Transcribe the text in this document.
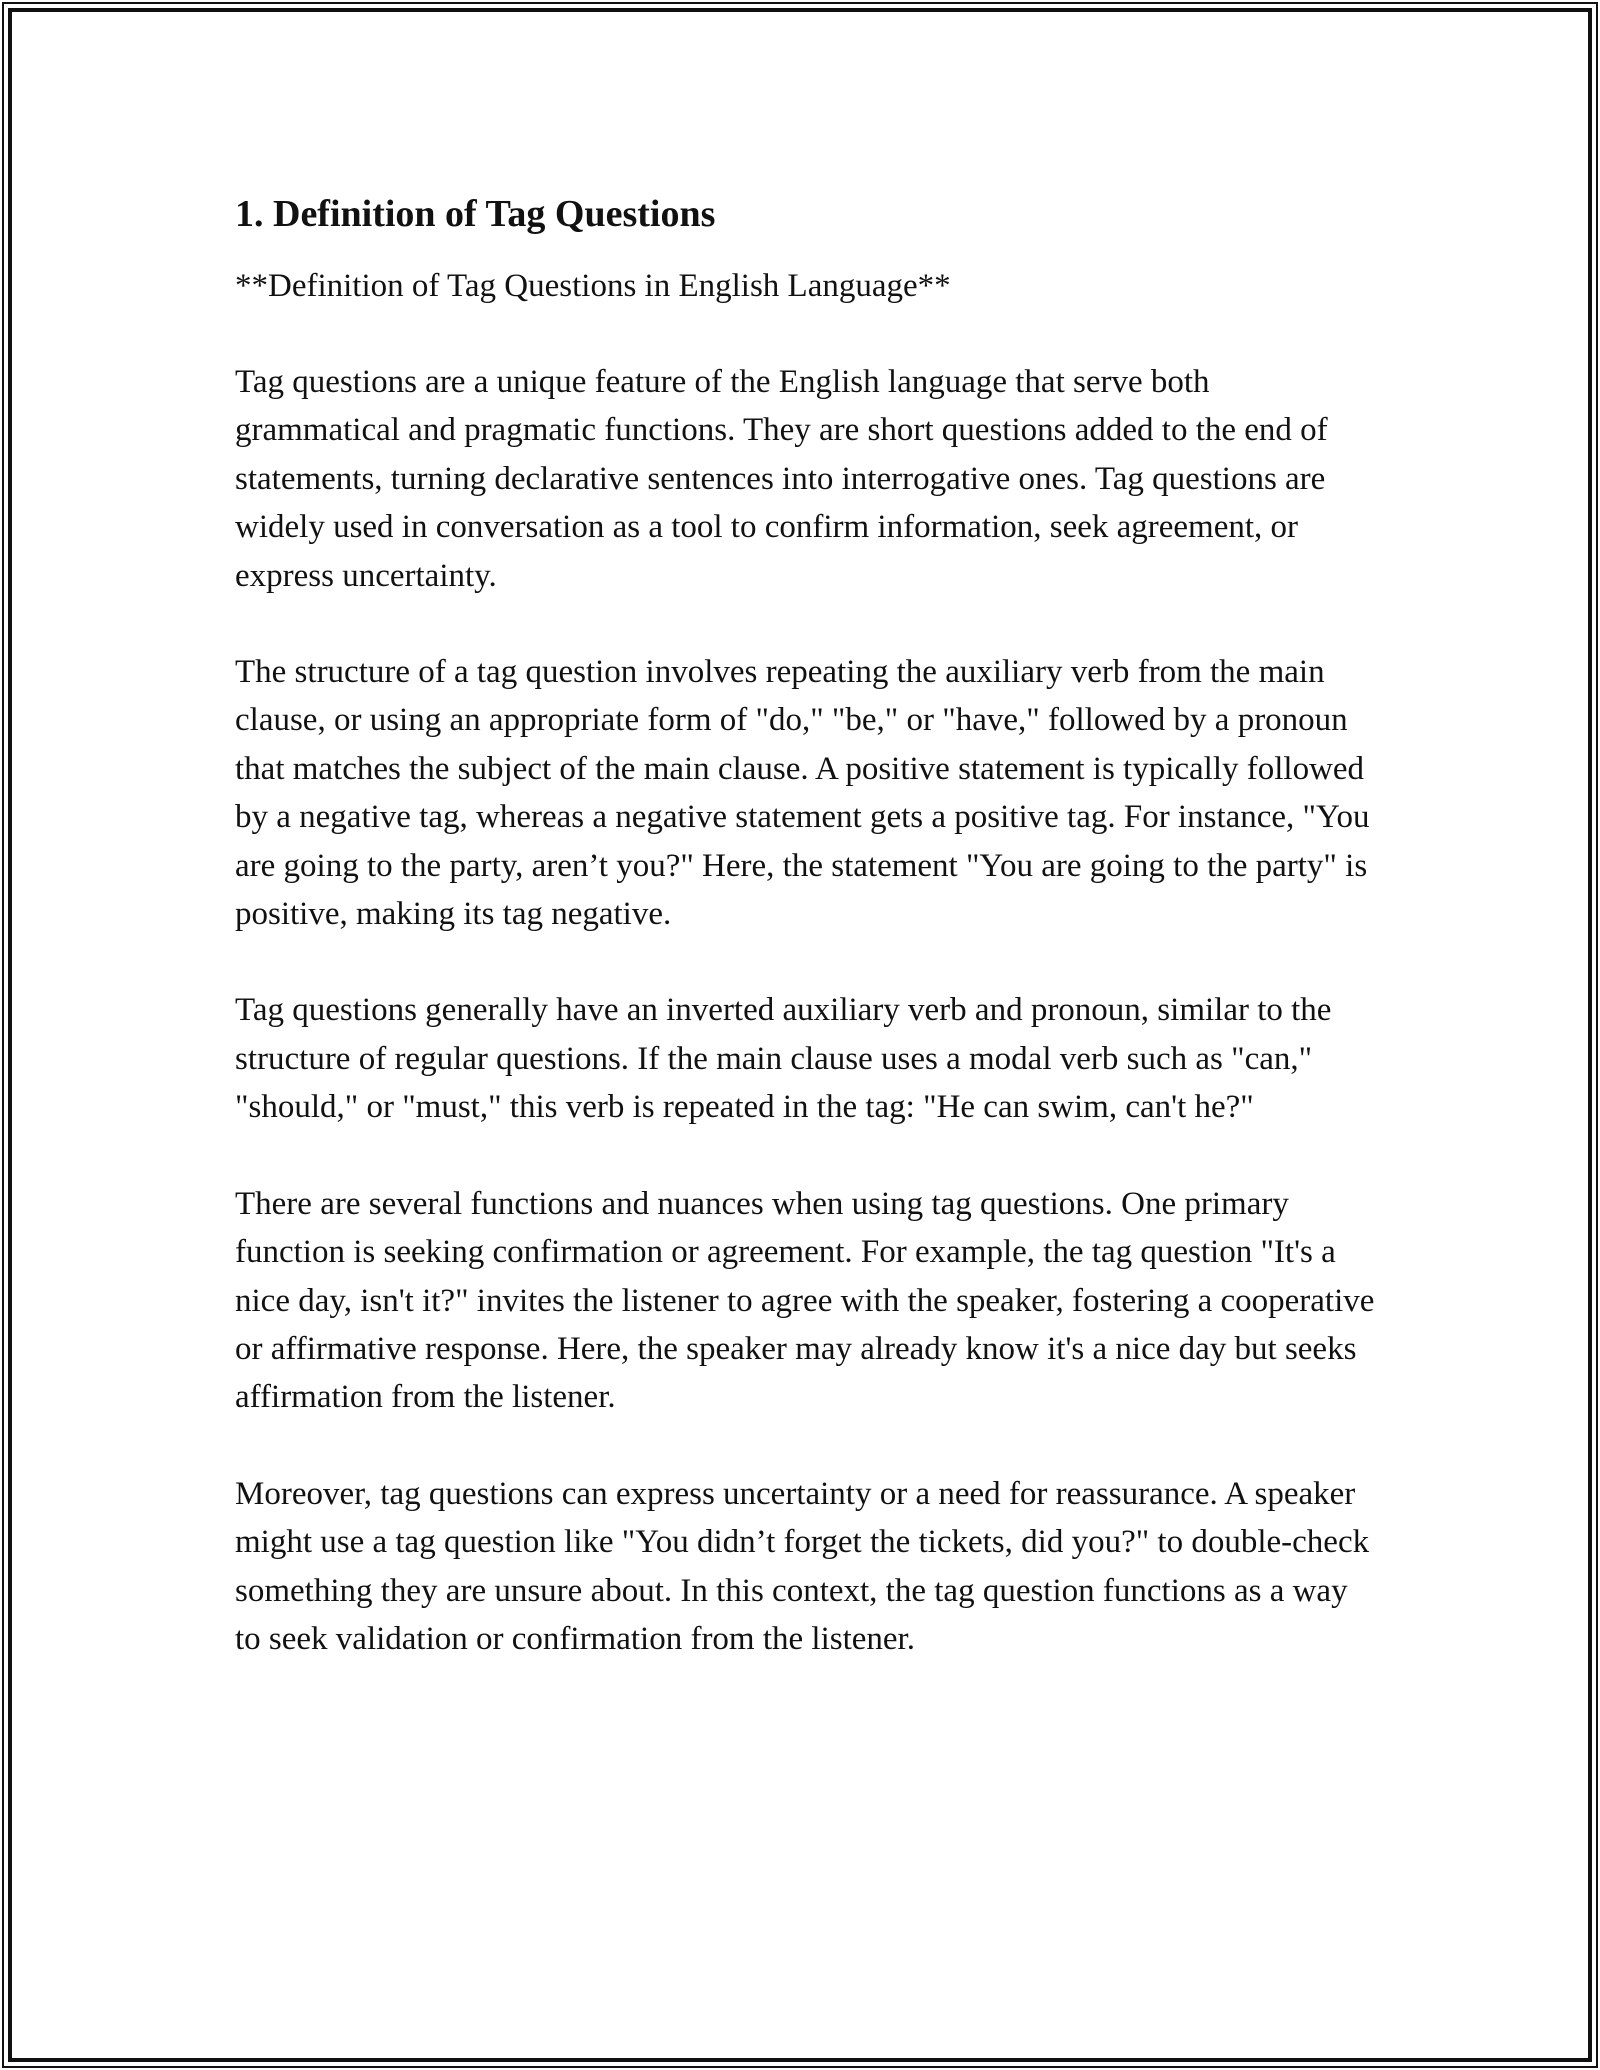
1. Definition of Tag Questions
**Definition of Tag Questions in English Language**

Tag questions are a unique feature of the English language that serve both grammatical and pragmatic functions. They are short questions added to the end of statements, turning declarative sentences into interrogative ones. Tag questions are widely used in conversation as a tool to confirm information, seek agreement, or express uncertainty.

The structure of a tag question involves repeating the auxiliary verb from the main clause, or using an appropriate form of "do," "be," or "have," followed by a pronoun that matches the subject of the main clause. A positive statement is typically followed by a negative tag, whereas a negative statement gets a positive tag. For instance, "You are going to the party, aren’t you?" Here, the statement "You are going to the party" is positive, making its tag negative.

Tag questions generally have an inverted auxiliary verb and pronoun, similar to the structure of regular questions. If the main clause uses a modal verb such as "can," "should," or "must," this verb is repeated in the tag: "He can swim, can't he?"

There are several functions and nuances when using tag questions. One primary function is seeking confirmation or agreement. For example, the tag question "It's a nice day, isn't it?" invites the listener to agree with the speaker, fostering a cooperative or affirmative response. Here, the speaker may already know it's a nice day but seeks affirmation from the listener.

Moreover, tag questions can express uncertainty or a need for reassurance. A speaker might use a tag question like "You didn’t forget the tickets, did you?" to double-check something they are unsure about. In this context, the tag question functions as a way to seek validation or confirmation from the listener.
